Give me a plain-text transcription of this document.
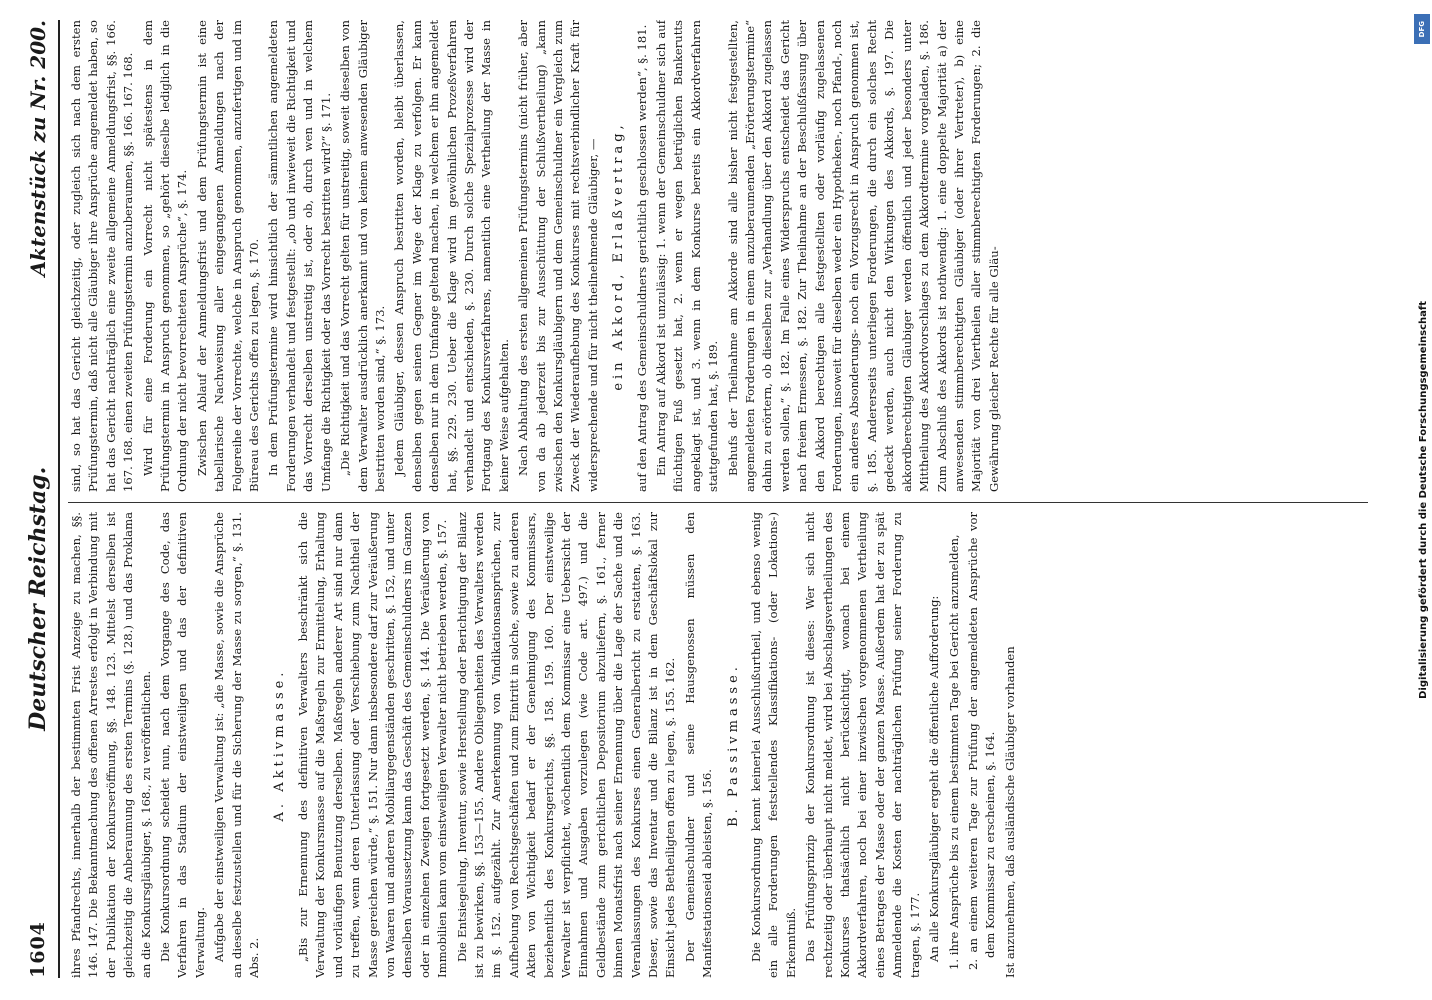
1604
Deutscher Reichstag.
Aktenstück zu Nr. 200.

ihres Pfandrechts, innerhalb der bestimmten Frist Anzeige zu machen, §§. 146. 147. Die Bekanntmachung des offenen Arrestes erfolgt in Verbindung mit der Publikation der Konkurseröffnung, §§. 148. 123. Mittelst derselben ist gleichzeitig die Anberaumung des ersten Termins (§. 128.) und das Proklama an die Konkursgläubiger, §. 168., zu veröffentlichen. Die Konkursordnung scheidet nun, nach dem Vorgange des Code, das Verfahren in das Stadium der einstweiligen und das der definitiven Verwaltung. Aufgabe der einstweiligen Verwaltung ist: „die Masse, sowie die Ansprüche an dieselbe festzustellen und für die Sicherung der Masse zu sorgen,“ §. 131. Abs. 2.

A. Aktivmasse. „Bis zur Ernennung des definitiven Verwalters beschränkt sich die Verwaltung der Konkursmasse auf die Maßregeln zur Ermittelung, Erhaltung und vorläufigen Benutzung derselben. Maßregeln anderer Art sind nur dann zu treffen, wenn deren Unterlassung oder Verschiebung zum Nachtheil der Masse gereichen würde,“ §. 151. Nur dann insbesondere darf zur Veräußerung von Waaren und anderen Mobiliargegenständen geschritten, §. 152, und unter denselben Voraussetzung kann das Geschäft des Gemeinschuldners im Ganzen oder in einzelnen Zweigen fortgesetzt werden, §. 144. Die Veräußerung von Immobilien kann vom einstweiligen Verwalter nicht betrieben werden, §. 157. Die Entsiegelung, Inventur, sowie Herstellung oder Berichtigung der Bilanz ist zu bewirken, §§. 153—155. Andere Obliegenheiten des Verwalters werden im §. 152. aufgezählt. Zur Anerkennung von Vindikationsansprüchen, zur Aufhebung von Rechtsgeschäften und zum Eintritt in solche, sowie zu anderen Akten von Wichtigkeit bedarf er der Genehmigung des Kommissars, beziehentlich des Konkursgerichts, §§. 158. 159. 160. Der einstweilige Verwalter ist verpflichtet, wöchentlich dem Kommissar eine Uebersicht der Einnahmen und Ausgaben vorzulegen (wie Code art. 497.) und die Geldbestände zum gerichtlichen Depositorium abzuliefern, §. 161., ferner binnen Monatsfrist nach seiner Ernennung über die Lage der Sache und die Veranlassungen des Konkurses einen Generalbericht zu erstatten, §. 163. Dieser, sowie das Inventar und die Bilanz ist in dem Geschäftslokal zur Einsicht jedes Betheiligten offen zu legen, §. 155. 162. Der Gemeinschuldner und seine Hausgenossen müssen den Manifestationseid ableisten, §. 156.

B. Passivmasse. Die Konkursordnung kennt keinerlei Ausschlußurtheil, und ebenso wenig ein alle Forderungen feststellendes Klassifikations- (oder Lokations-) Erkenntniß. Das Prüfungsprinzip der Konkursordnung ist dieses: Wer sich nicht rechtzeitig oder überhaupt nicht meldet, wird bei Abschlagsvertheilungen des Konkurses thatsächlich nicht berücksichtigt, wonach bei einem Akkordverfahren, noch bei einer inzwischen vorgenommenen Vertheilung eines Betrages der Masse oder der ganzen Masse. Außerdem hat der zu spät Anmeldende die Kosten der nachträglichen Prüfung seiner Forderung zu tragen, §. 177. An alle Konkursgläubiger ergeht die öffentliche Aufforderung: 1. ihre Ansprüche bis zu einem bestimmten Tage bei Gericht anzumelden, 2. an einem weiteren Tage zur Prüfung der angemeldeten Ansprüche vor dem Kommissar zu erscheinen, §. 164. Ist anzunehmen, daß ausländische Gläubiger vorhanden

sind, so hat das Gericht gleichzeitig, oder zugleich sich nach dem ersten Prüfungstermin, daß nicht alle Gläubiger ihre Ansprüche angemeldet haben, so hat das Gericht nachträglich eine zweite allgemeine Anmeldungsfrist, §§. 166. 167. 168. einen zweiten Prüfungstermin anzuberaumen, §§. 166. 167. 168. Wird für eine Forderung ein Vorrecht nicht spätestens in dem Prüfungstermin in Anspruch genommen, so „gehört dieselbe lediglich in die Ordnung der nicht bevorrechteten Ansprüche“, §. 174. Zwischen Ablauf der Anmeldungsfrist und dem Prüfungstermin ist eine tabellarische Nachweisung aller eingegangenen Anmeldungen nach der Folgereihe der Vorrechte, welche in Anspruch genommen, anzufertigen und im Büreau des Gerichts offen zu legen, §. 170. In dem Prüfungstermine wird hinsichtlich der sämmtlichen angemeldeten Forderungen verhandelt und festgestellt: „ob und inwieweit die Richtigkeit und das Vorrecht derselben unstreitig ist, oder ob, durch wen und in welchem Umfange die Richtigkeit oder das Vorrecht bestritten wird?“ §. 171. „Die Richtigkeit und das Vorrecht gelten für unstreitig, soweit dieselben von dem Verwalter ausdrücklich anerkannt und von keinem anwesenden Gläubiger bestritten worden sind,“ §. 173. Jedem Gläubiger, dessen Anspruch bestritten worden, bleibt überlassen, denselben gegen seinen Gegner im Wege der Klage zu verfolgen. Er kann denselben nur in dem Umfange geltend machen, in welchem er ihn angemeldet hat, §§. 229. 230. Ueber die Klage wird im gewöhnlichen Prozeßverfahren verhandelt und entschieden, §. 230. Durch solche Spezialprozesse wird der Fortgang des Konkursverfahrens, namentlich eine Vertheilung der Masse in keiner Weise aufgehalten. Nach Abhaltung des ersten allgemeinen Prüfungstermins (nicht früher, aber von da ab jederzeit bis zur Ausschüttung der Schlußvertheilung) „kann zwischen den Konkursgläubigern und dem Gemeinschuldner ein Vergleich zum Zweck der Wiederaufhebung des Konkurses mit rechtsverbindlicher Kraft für widersprechende und für nicht theilnehmende Gläubiger, — ein Akkord, Erlaßvertrag, auf den Antrag des Gemeinschuldners gerichtlich geschlossen werden“, §. 181. Ein Antrag auf Akkord ist unzulässig: 1. wenn der Gemeinschuldner sich auf flüchtigen Fuß gesetzt hat, 2. wenn er wegen betrüglichen Bankerutts angeklagt ist, und 3. wenn in dem Konkurse bereits ein Akkordverfahren stattgefunden hat, §. 189. Behufs der Theilnahme am Akkorde sind alle bisher nicht festgestellten, angemeldeten Forderungen in einem anzuberaumenden „Erörterungstermine“ dahin zu erörtern, ob dieselben zur „Verhandlung über den Akkord zugelassen werden sollen,“ §. 182. Im Falle eines Widerspruchs entscheidet das Gericht nach freiem Ermessen, §. 182. Zur Theilnahme an der Beschlußfassung über den Akkord berechtigen alle festgestellten oder vorläufig zugelassenen Forderungen, insoweit für dieselben weder ein Hypotheken-, noch Pfand-, noch ein anderes Absonderungs- noch ein Vorzugsrecht in Anspruch genommen ist, §. 185. Andererseits unterliegen Forderungen, die durch ein solches Recht gedeckt werden, auch nicht den Wirkungen des Akkords, §. 197. Die akkordberechtigten Gläubiger werden öffentlich und jeder besonders unter Mittheilung des Akkordvorschlages zu dem Akkordtermine vorgeladen, §. 186. Zum Abschluß des Akkords ist nothwendig: 1. eine doppelte Majorität a) der anwesenden stimmberechtigten Gläubiger (oder ihrer Vertreter), b) eine Majorität von drei Viertheilen aller stimmberechtigten Forderungen; 2. die Gewährung gleicher Rechte für alle Gläu-

DFG
Digitalisierung gefördert durch die Deutsche Forschungsgemeinschaft
